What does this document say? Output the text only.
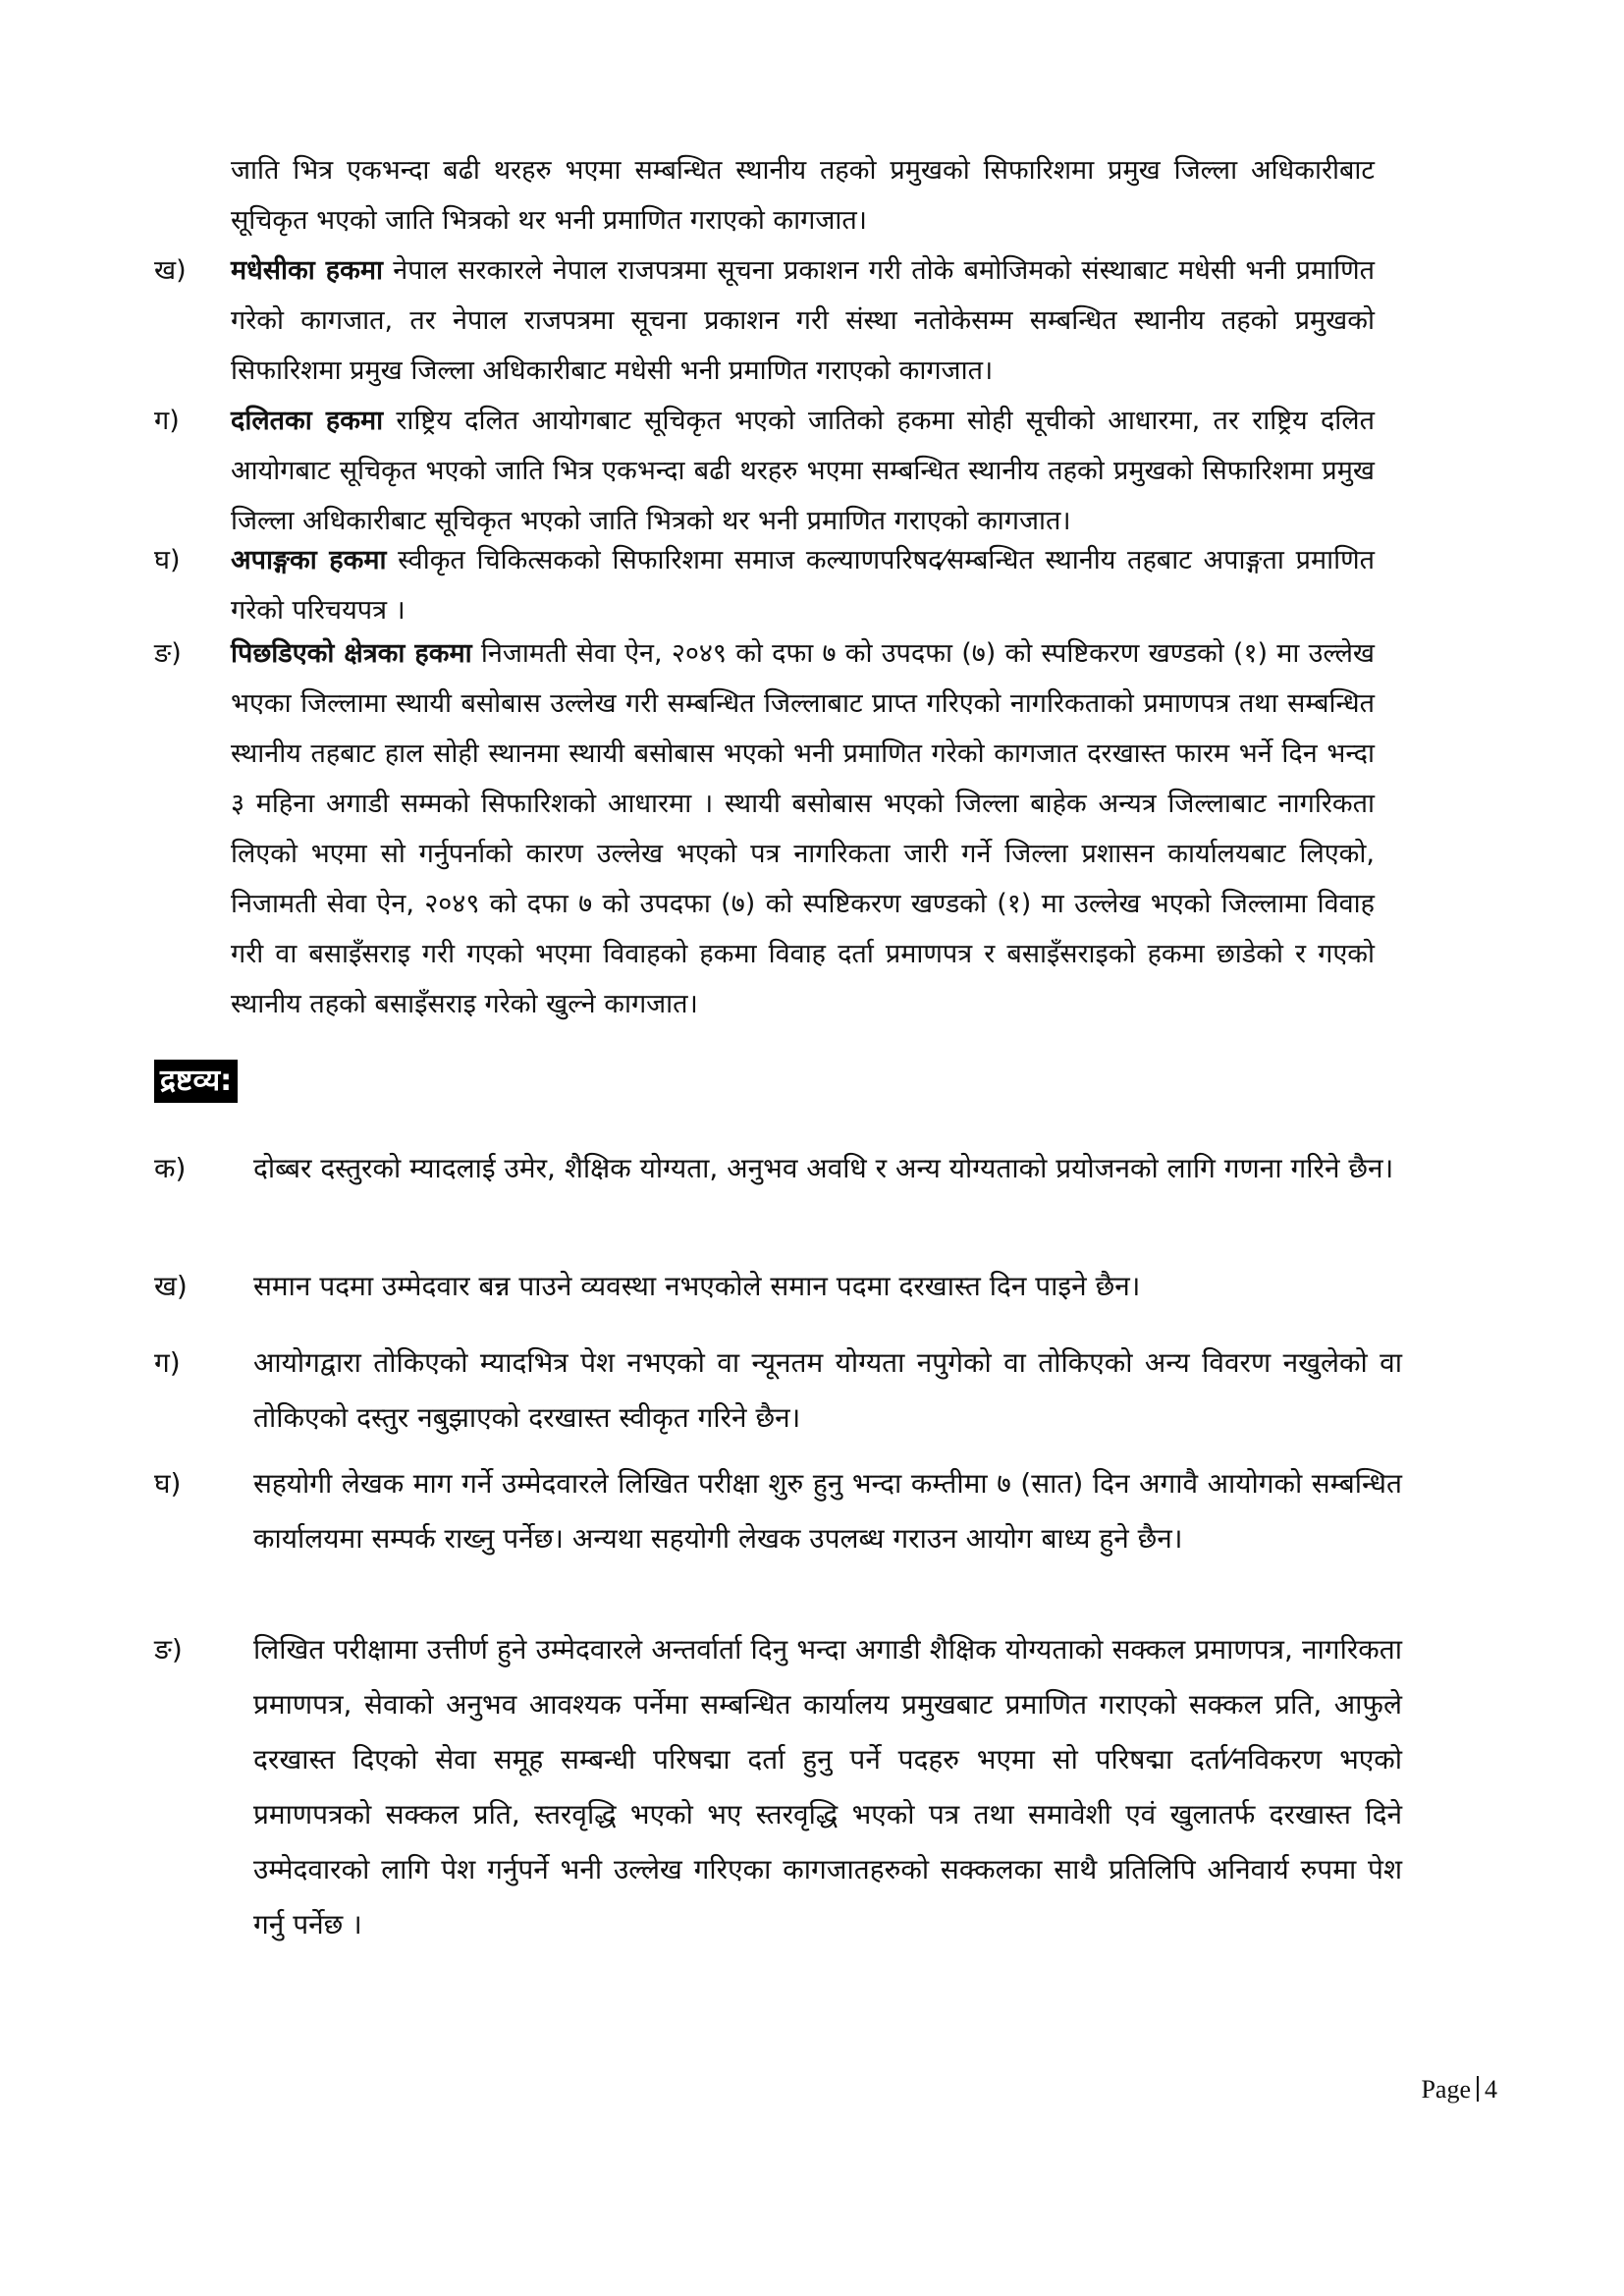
जाति भित्र एकभन्दा बढी थरहरु भएमा सम्बन्धित स्थानीय तहको प्रमुखको सिफारिशमा प्रमुख जिल्ला अधिकारीबाट सूचिकृत भएको जाति भित्रको थर भनी प्रमाणित गराएको कागजात।
ख) मधेसीका हकमा नेपाल सरकारले नेपाल राजपत्रमा सूचना प्रकाशन गरी तोके बमोजिमको संस्थाबाट मधेसी भनी प्रमाणित गरेको कागजात, तर नेपाल राजपत्रमा सूचना प्रकाशन गरी संस्था नतोकेसम्म सम्बन्धित स्थानीय तहको प्रमुखको सिफारिशमा प्रमुख जिल्ला अधिकारीबाट मधेसी भनी प्रमाणित गराएको कागजात।
ग) दलितका हकमा राष्ट्रिय दलित आयोगबाट सूचिकृत भएको जातिको हकमा सोही सूचीको आधारमा, तर राष्ट्रिय दलित आयोगबाट सूचिकृत भएको जाति भित्र एकभन्दा बढी थरहरु भएमा सम्बन्धित स्थानीय तहको प्रमुखको सिफारिशमा प्रमुख जिल्ला अधिकारीबाट सूचिकृत भएको जाति भित्रको थर भनी प्रमाणित गराएको कागजात।
घ) अपाङ्गका हकमा स्वीकृत चिकित्सकको सिफारिशमा समाज कल्याणपरिषद⁄सम्बन्धित स्थानीय तहबाट अपाङ्गता प्रमाणित गरेको परिचयपत्र ।
ङ) पिछडिएको क्षेत्रका हकमा निजामती सेवा ऐन, २०४९ को दफा ७ को उपदफा (७) को स्पष्टिकरण खण्डको (१) मा उल्लेख भएका जिल्लामा स्थायी बसोबास उल्लेख गरी सम्बन्धित जिल्लाबाट प्राप्त गरिएको नागरिकताको प्रमाणपत्र तथा सम्बन्धित स्थानीय तहबाट हाल सोही स्थानमा स्थायी बसोबास भएको भनी प्रमाणित गरेको कागजात दरखास्त फारम भर्ने दिन भन्दा ३ महिना अगाडी सम्मको सिफारिशको आधारमा । स्थायी बसोबास भएको जिल्ला बाहेक अन्यत्र जिल्लाबाट नागरिकता लिएको भएमा सो गर्नुपर्नाको कारण उल्लेख भएको पत्र नागरिकता जारी गर्ने जिल्ला प्रशासन कार्यालयबाट लिएको, निजामती सेवा ऐन, २०४९ को दफा ७ को उपदफा (७) को स्पष्टिकरण खण्डको (१) मा उल्लेख भएको जिल्लामा विवाह गरी वा बसाइँसराइ गरी गएको भएमा विवाहको हकमा विवाह दर्ता प्रमाणपत्र र बसाइँसराइको हकमा छाडेको र गएको स्थानीय तहको बसाइँसराइ गरेको खुल्ने कागजात।
द्रष्टव्य:
क) दोब्बर दस्तुरको म्यादलाई उमेर, शैक्षिक योग्यता, अनुभव अवधि र अन्य योग्यताको प्रयोजनको लागि गणना गरिने छैन।
ख) समान पदमा उम्मेदवार बन्न पाउने व्यवस्था नभएकोले समान पदमा दरखास्त दिन पाइने छैन।
ग)	आयोगद्वारा तोकिएको म्यादभित्र पेश नभएको वा न्यूनतम योग्यता नपुगेको वा तोकिएको अन्य विवरण नखुलेको वा तोकिएको दस्तुर नबुझाएको दरखास्त स्वीकृत गरिने छैन।
घ)	सहयोगी लेखक माग गर्ने उम्मेदवारले लिखित परीक्षा शुरु हुनु भन्दा कम्तीमा ७ (सात) दिन अगावै आयोगको सम्बन्धित कार्यालयमा सम्पर्क राख्नु पर्नेछ। अन्यथा सहयोगी लेखक उपलब्ध गराउन आयोग बाध्य हुने छैन।
ङ)	लिखित परीक्षामा उत्तीर्ण हुने उम्मेदवारले अन्तर्वार्ता दिनु भन्दा अगाडी शैक्षिक योग्यताको सक्कल प्रमाणपत्र, नागरिकता प्रमाणपत्र, सेवाको अनुभव आवश्यक पर्नेमा सम्बन्धित कार्यालय प्रमुखबाट प्रमाणित गराएको सक्कल प्रति, आफुले दरखास्त दिएको सेवा समूह सम्बन्धी परिषद्मा दर्ता हुनु पर्ने पदहरु भएमा सो परिषद्मा दर्ता⁄नविकरण भएको प्रमाणपत्रको सक्कल प्रति, स्तरवृद्धि भएको भए स्तरवृद्धि भएको पत्र तथा समावेशी एवं खुलातर्फ दरखास्त दिने उम्मेदवारको लागि पेश गर्नुपर्ने भनी उल्लेख गरिएका कागजातहरुको सक्कलका साथै प्रतिलिपि अनिवार्य रुपमा पेश गर्नु पर्नेछ ।
Page 4
